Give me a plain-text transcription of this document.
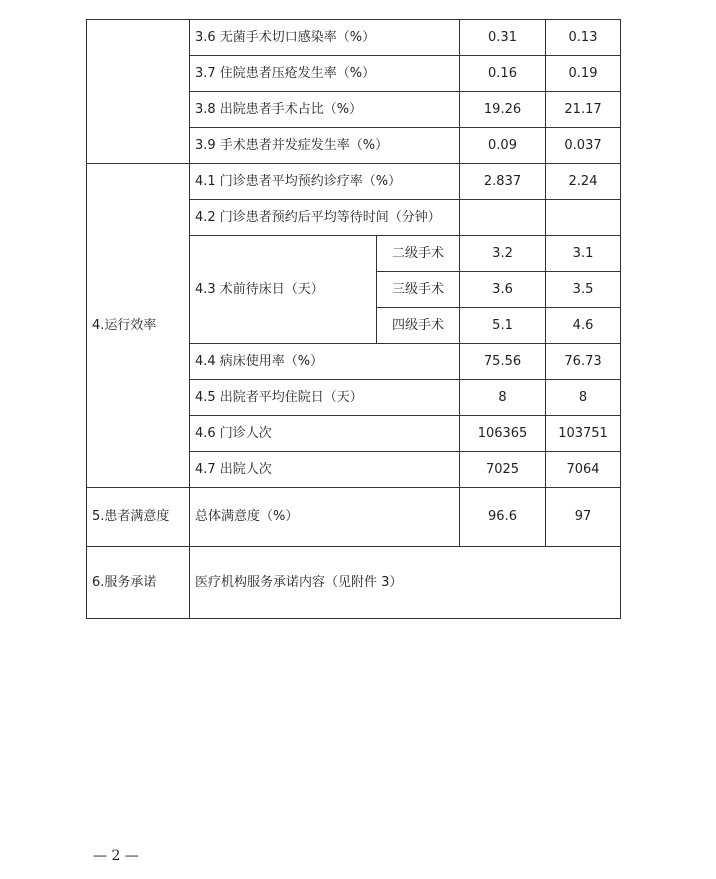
	3.6 无菌手术切口感染率（%）		0.31	0.13
	3.7 住院患者压疮发生率（%）		0.16	0.19
	3.8 出院患者手术占比（%）		19.26	21.17
	3.9 手术患者并发症发生率（%）		0.09	0.037
4.运行效率	4.1 门诊患者平均预约诊疗率（%）		2.837	2.24
	4.2 门诊患者预约后平均等待时间（分钟）			
	4.3 术前待床日（天）	二级手术	3.2	3.1
		三级手术	3.6	3.5
		四级手术	5.1	4.6
	4.4 病床使用率（%）		75.56	76.73
	4.5 出院者平均住院日（天）		8	8
	4.6 门诊人次		106365	103751
	4.7 出院人次		7025	7064
5.患者满意度	总体满意度（%）		96.6	97
6.服务承诺	医疗机构服务承诺内容（见附件 3）			
— 2 —
